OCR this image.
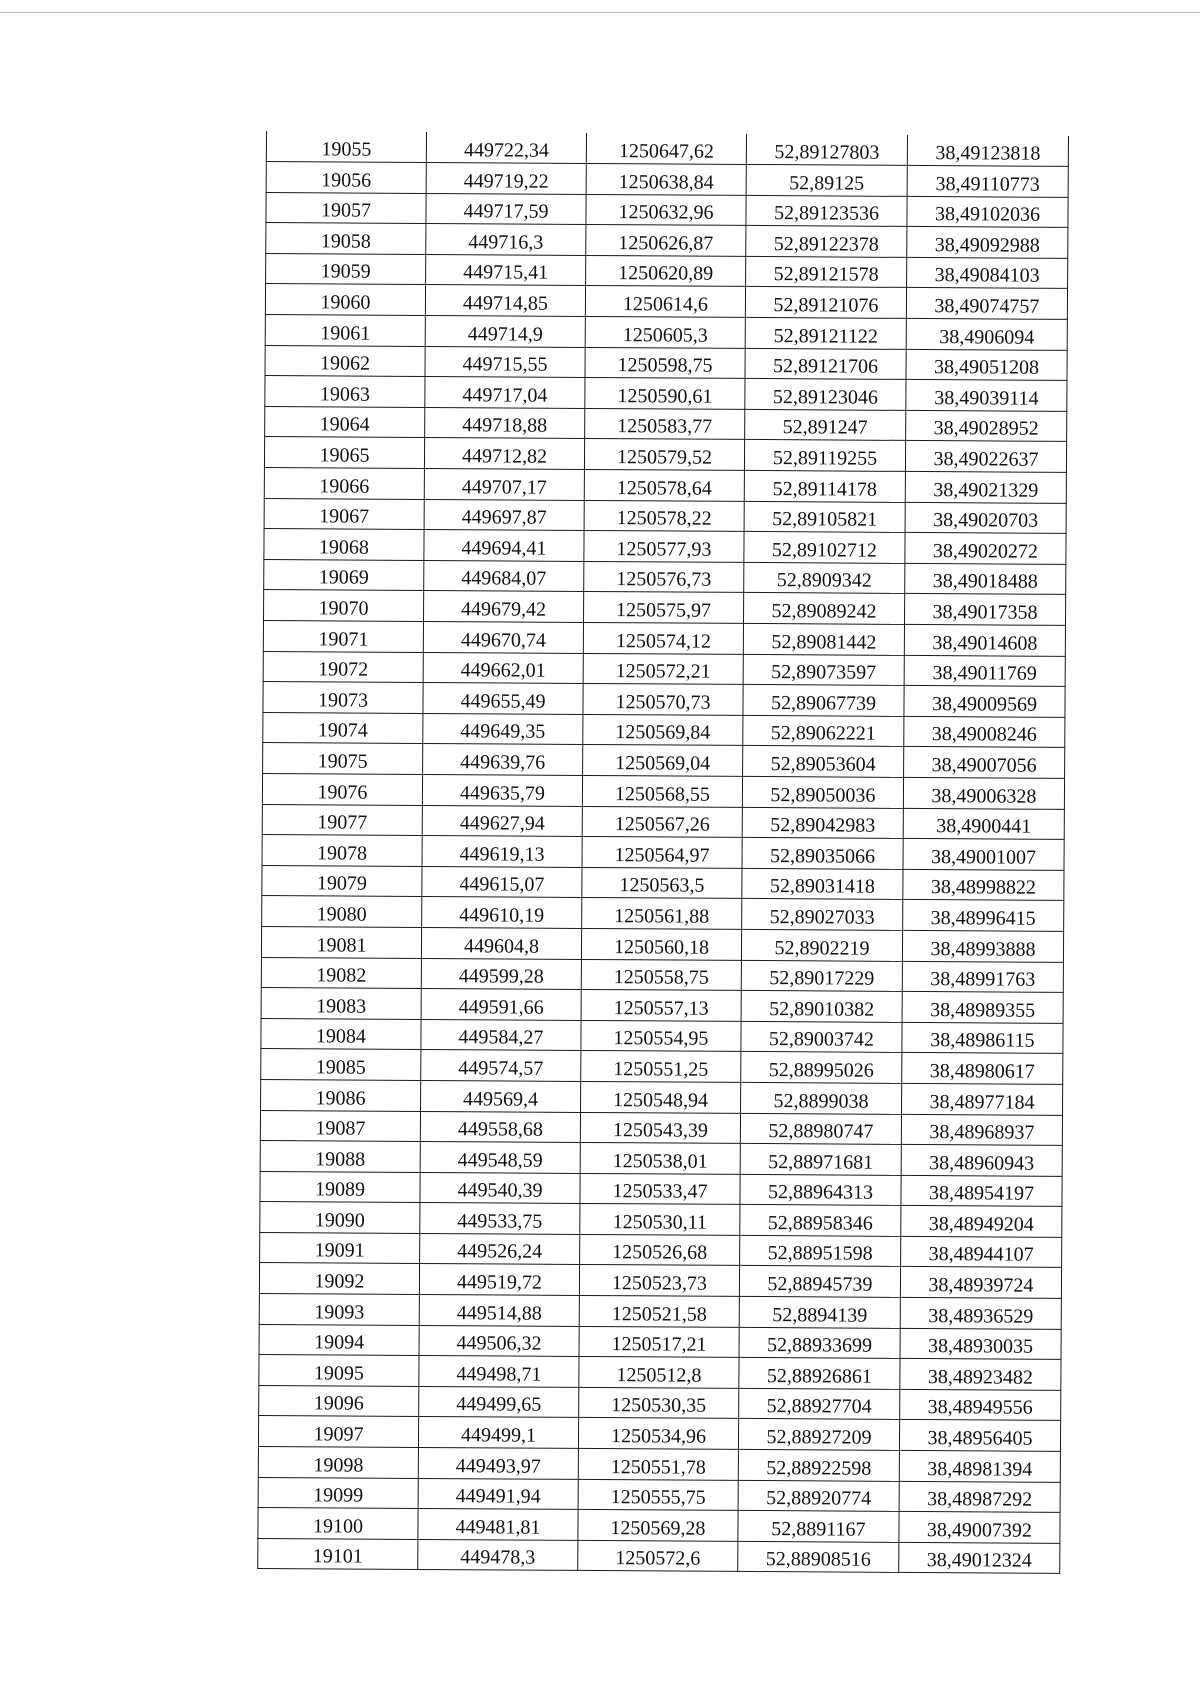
19055	449722,34	1250647,62	52,89127803	38,49123818
19056	449719,22	1250638,84	52,89125	38,49110773
19057	449717,59	1250632,96	52,89123536	38,49102036
19058	449716,3	1250626,87	52,89122378	38,49092988
19059	449715,41	1250620,89	52,89121578	38,49084103
19060	449714,85	1250614,6	52,89121076	38,49074757
19061	449714,9	1250605,3	52,89121122	38,4906094
19062	449715,55	1250598,75	52,89121706	38,49051208
19063	449717,04	1250590,61	52,89123046	38,49039114
19064	449718,88	1250583,77	52,891247	38,49028952
19065	449712,82	1250579,52	52,89119255	38,49022637
19066	449707,17	1250578,64	52,89114178	38,49021329
19067	449697,87	1250578,22	52,89105821	38,49020703
19068	449694,41	1250577,93	52,89102712	38,49020272
19069	449684,07	1250576,73	52,8909342	38,49018488
19070	449679,42	1250575,97	52,89089242	38,49017358
19071	449670,74	1250574,12	52,89081442	38,49014608
19072	449662,01	1250572,21	52,89073597	38,49011769
19073	449655,49	1250570,73	52,89067739	38,49009569
19074	449649,35	1250569,84	52,89062221	38,49008246
19075	449639,76	1250569,04	52,89053604	38,49007056
19076	449635,79	1250568,55	52,89050036	38,49006328
19077	449627,94	1250567,26	52,89042983	38,4900441
19078	449619,13	1250564,97	52,89035066	38,49001007
19079	449615,07	1250563,5	52,89031418	38,48998822
19080	449610,19	1250561,88	52,89027033	38,48996415
19081	449604,8	1250560,18	52,8902219	38,48993888
19082	449599,28	1250558,75	52,89017229	38,48991763
19083	449591,66	1250557,13	52,89010382	38,48989355
19084	449584,27	1250554,95	52,89003742	38,48986115
19085	449574,57	1250551,25	52,88995026	38,48980617
19086	449569,4	1250548,94	52,8899038	38,48977184
19087	449558,68	1250543,39	52,88980747	38,48968937
19088	449548,59	1250538,01	52,88971681	38,48960943
19089	449540,39	1250533,47	52,88964313	38,48954197
19090	449533,75	1250530,11	52,88958346	38,48949204
19091	449526,24	1250526,68	52,88951598	38,48944107
19092	449519,72	1250523,73	52,88945739	38,48939724
19093	449514,88	1250521,58	52,8894139	38,48936529
19094	449506,32	1250517,21	52,88933699	38,48930035
19095	449498,71	1250512,8	52,88926861	38,48923482
19096	449499,65	1250530,35	52,88927704	38,48949556
19097	449499,1	1250534,96	52,88927209	38,48956405
19098	449493,97	1250551,78	52,88922598	38,48981394
19099	449491,94	1250555,75	52,88920774	38,48987292
19100	449481,81	1250569,28	52,8891167	38,49007392
19101	449478,3	1250572,6	52,88908516	38,49012324
